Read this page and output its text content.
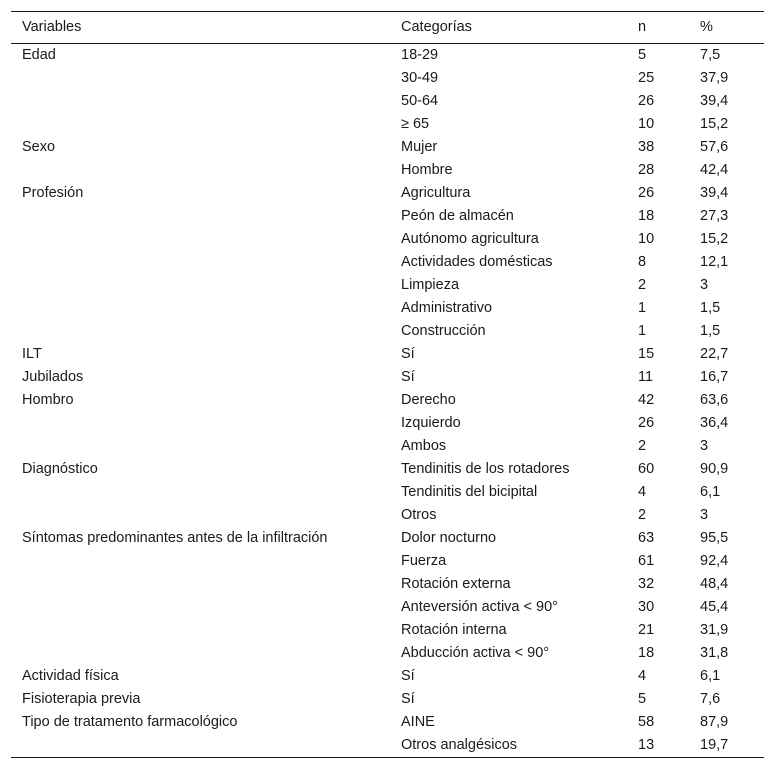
Variables	Categorías	n	%
Edad	18-29	5	7,5
	30-49	25	37,9
	50-64	26	39,4
	≥ 65	10	15,2
Sexo	Mujer	38	57,6
	Hombre	28	42,4
Profesión	Agricultura	26	39,4
	Peón de almacén	18	27,3
	Autónomo agricultura	10	15,2
	Actividades domésticas	8	12,1
	Limpieza	2	3
	Administrativo	1	1,5
	Construcción	1	1,5
ILT	Sí	15	22,7
Jubilados	Sí	11	16,7
Hombro	Derecho	42	63,6
	Izquierdo	26	36,4
	Ambos	2	3
Diagnóstico	Tendinitis de los rotadores	60	90,9
	Tendinitis del bicipital	4	6,1
	Otros	2	3
Síntomas predominantes antes de la infiltración	Dolor nocturno	63	95,5
	Fuerza	61	92,4
	Rotación externa	32	48,4
	Anteversión activa < 90°	30	45,4
	Rotación interna	21	31,9
	Abducción activa < 90°	18	31,8
Actividad física	Sí	4	6,1
Fisioterapia previa	Sí	5	7,6
Tipo de tratamento farmacológico	AINE	58	87,9
	Otros analgésicos	13	19,7
